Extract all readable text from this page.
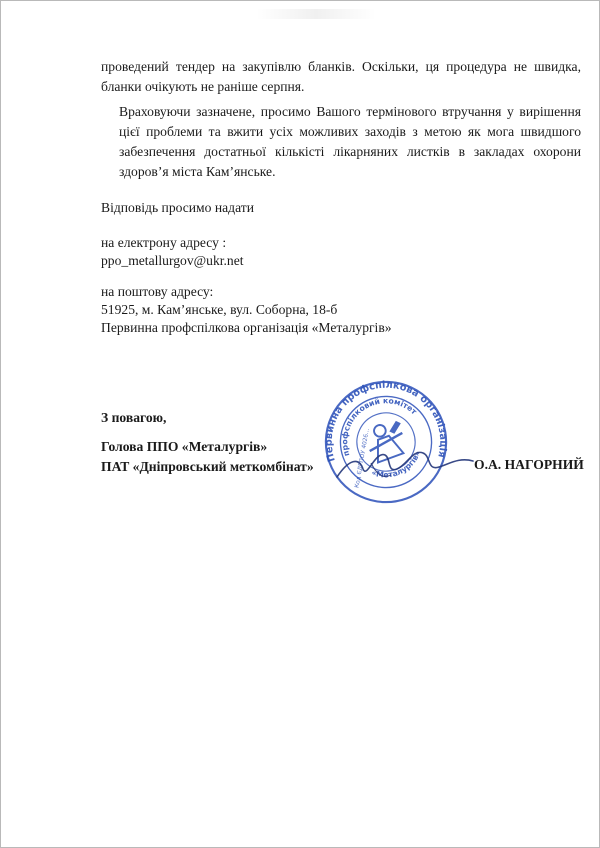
проведений тендер на закупівлю бланків. Оскільки, ця процедура не швидка,
бланки очікують не раніше серпня.
Враховуючи зазначене, просимо Вашого термінового втручання у вирішення
цієї проблеми та вжити усіх можливих заходів з метою як мога швидшого
забезпечення достатньої кількісті лікарняних листків в закладах охорони
здоров’я міста Кам’янське.
Відповідь просимо надати
на електрону адресу :
ppo_metallurgov@ukr.net
на поштову адресу:
51925, м. Кам’янське, вул. Соборна, 18-б
Первинна профспілкова організація «Металургів»
З повагою,
Голова ППО «Металургів»
ПАТ «Дніпровський меткомбінат»
Первинна профспілкова організація
профспілковий комітет
«Металургів»
Код ЄДРПОУ 4026...	О.А. НАГОРНИЙ
